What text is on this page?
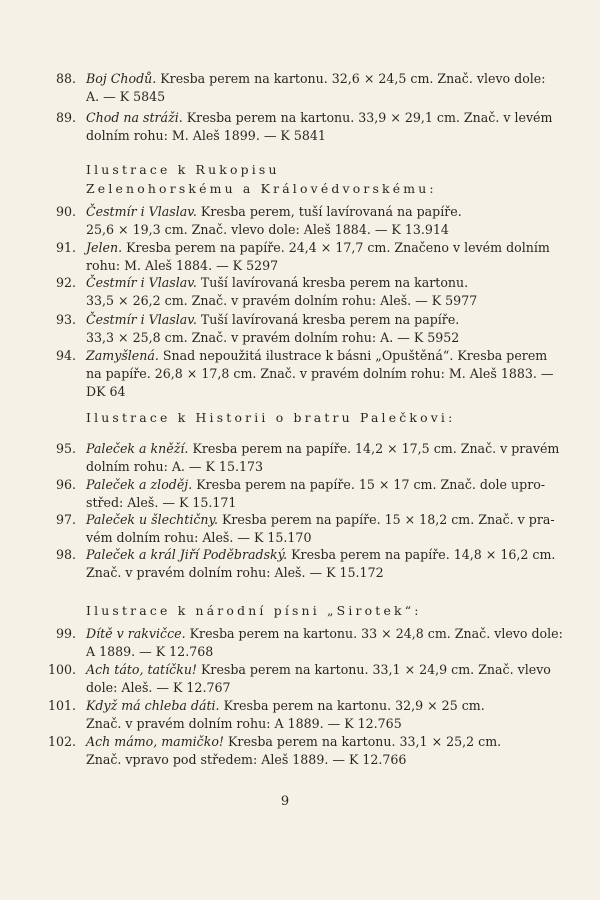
Ilustrace k Rukopisu
Zelenohorskému a Královédvorskému:
Ilustrace k Historii o bratru Palečkovi:
Ilustrace k národní písni „Sirotek“:
88. Boj Chodů. Kresba perem na kartonu. 32,6 × 24,5 cm. Znač. vlevo dole:
A. — K 5845
89. Chod na stráži. Kresba perem na kartonu. 33,9 × 29,1 cm. Znač. v levém
dolním rohu: M. Aleš 1899. — K 5841
90. Čestmír i Vlaslav. Kresba perem, tuší lavírovaná na papíře.
25,6 × 19,3 cm. Znač. vlevo dole: Aleš 1884. — K 13.914
91. Jelen. Kresba perem na papíře. 24,4 × 17,7 cm. Značeno v levém dolním
rohu: M. Aleš 1884. — K 5297
92. Čestmír i Vlaslav. Tuší lavírovaná kresba perem na kartonu.
33,5 × 26,2 cm. Znač. v pravém dolním rohu: Aleš. — K 5977
93. Čestmír i Vlaslav. Tuší lavírovaná kresba perem na papíře.
33,3 × 25,8 cm. Znač. v pravém dolním rohu: A. — K 5952
94. Zamyšlená. Snad nepoužitá ilustrace k básni „Opuštěná“. Kresba perem
na papíře. 26,8 × 17,8 cm. Znač. v pravém dolním rohu: M. Aleš 1883. —
DK 64
95. Paleček a kněží. Kresba perem na papíře. 14,2 × 17,5 cm. Znač. v pravém
dolním rohu: A. — K 15.173
96. Paleček a zloděj. Kresba perem na papíře. 15 × 17 cm. Znač. dole upro-
střed: Aleš. — K 15.171
97. Paleček u šlechtičny. Kresba perem na papíře. 15 × 18,2 cm. Znač. v pra-
vém dolním rohu: Aleš. — K 15.170
98. Paleček a král Jiří Poděbradský. Kresba perem na papíře. 14,8 × 16,2 cm.
Znač. v pravém dolním rohu: Aleš. — K 15.172
99. Dítě v rakvičce. Kresba perem na kartonu. 33 × 24,8 cm. Znač. vlevo dole:
A 1889. — K 12.768
100. Ach táto, tatíčku! Kresba perem na kartonu. 33,1 × 24,9 cm. Znač. vlevo
dole: Aleš. — K 12.767
101. Když má chleba dáti. Kresba perem na kartonu. 32,9 × 25 cm.
Znač. v pravém dolním rohu: A 1889. — K 12.765
102. Ach mámo, mamičko! Kresba perem na kartonu. 33,1 × 25,2 cm.
Znač. vpravo pod středem: Aleš 1889. — K 12.766
9
